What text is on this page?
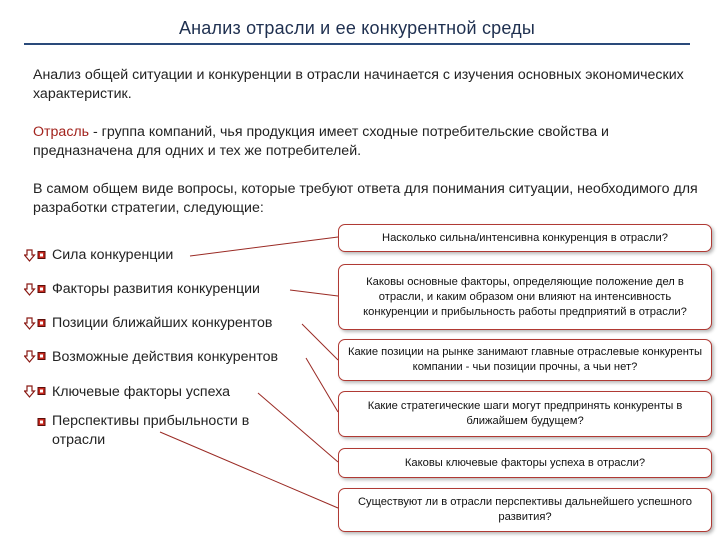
Анализ отрасли и ее конкурентной среды
Анализ общей ситуации и конкуренции в отрасли начинается с изучения основных экономических характеристик.
Отрасль - группа компаний, чья продукция имеет сходные потребительские свойства и предназначена для одних и тех же потребителей.
В самом общем виде вопросы, которые требуют ответа для понимания ситуации, необходимого для разработки стратегии, следующие:
Сила конкуренции
Факторы развития конкуренции
Позиции ближайших конкурентов
Возможные действия конкурентов
Ключевые факторы успеха
Перспективы прибыльности в отрасли
Насколько сильна/интенсивна конкуренция в отрасли?
Каковы основные факторы, определяющие положение дел в отрасли, и каким образом они влияют на интенсивность конкуренции и прибыльность работы предприятий в отрасли?
Какие позиции на рынке занимают главные отраслевые конкуренты компании - чьи позиции прочны, а чьи нет?
Какие стратегические шаги могут предпринять конкуренты в ближайшем будущем?
Каковы ключевые факторы успеха в отрасли?
Существуют ли в отрасли перспективы дальнейшего успешного развития?
